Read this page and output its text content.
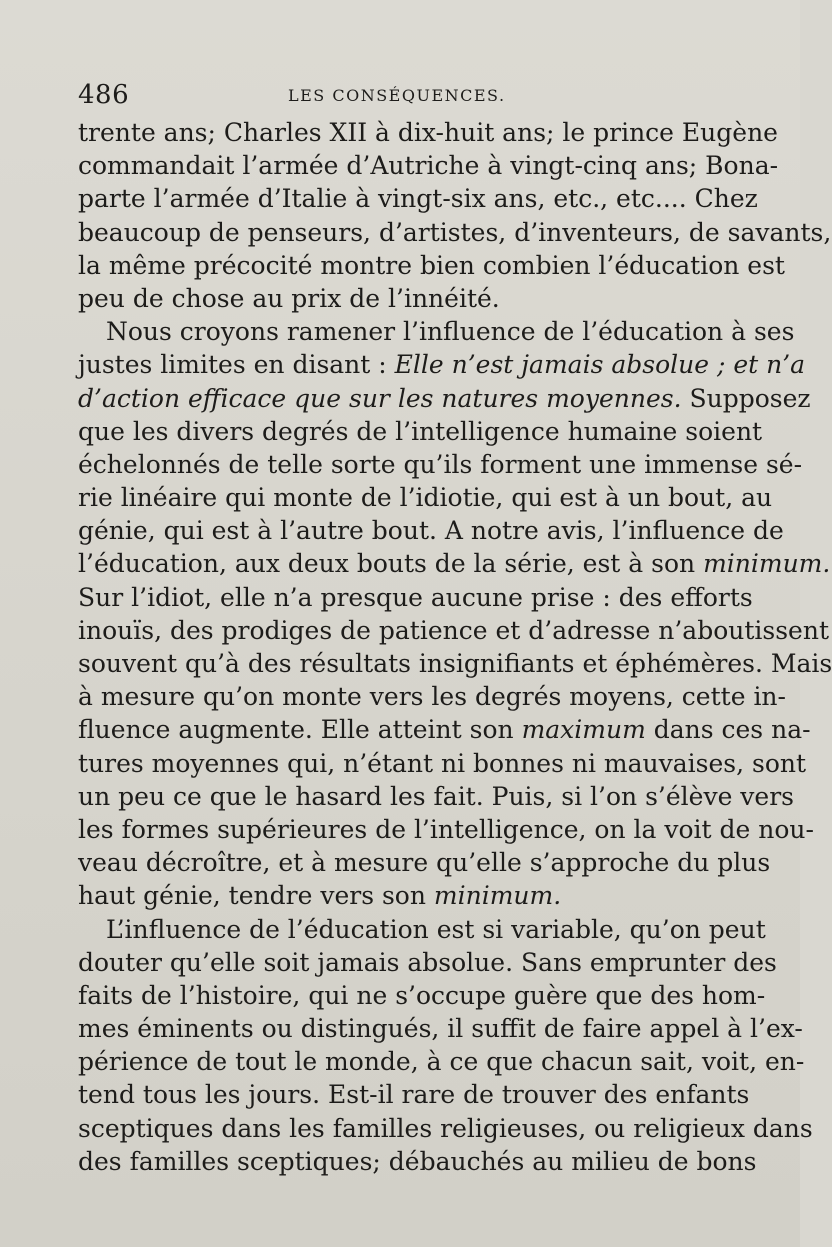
486	LES CONSÉQUENCES.
trente ans; Charles XII à dix-huit ans; le prince Eugène
commandait l’armée d’Autriche à vingt-cinq ans; Bona-
parte l’armée d’Italie à vingt-six ans, etc., etc.... Chez
beaucoup de penseurs, d’artistes, d’inventeurs, de savants,
la même précocité montre bien combien l’éducation est
peu de chose au prix de l’innéité.
Nous croyons ramener l’influence de l’éducation à ses
justes limites en disant : Elle n’est jamais absolue ; et n’a
d’action efficace que sur les natures moyennes. Supposez
que les divers degrés de l’intelligence humaine soient
échelonnés de telle sorte qu’ils forment une immense sé-
rie linéaire qui monte de l’idiotie, qui est à un bout, au
génie, qui est à l’autre bout. A notre avis, l’influence de
l’éducation, aux deux bouts de la série, est à son minimum.
Sur l’idiot, elle n’a presque aucune prise : des efforts
inouïs, des prodiges de patience et d’adresse n’aboutissent
souvent qu’à des résultats insignifiants et éphémères. Mais
à mesure qu’on monte vers les degrés moyens, cette in-
fluence augmente. Elle atteint son maximum dans ces na-
tures moyennes qui, n’étant ni bonnes ni mauvaises, sont
un peu ce que le hasard les fait. Puis, si l’on s’élève vers
les formes supérieures de l’intelligence, on la voit de nou-
veau décroître, et à mesure qu’elle s’approche du plus
haut génie, tendre vers son minimum.
L’influence de l’éducation est si variable, qu’on peut
douter qu’elle soit jamais absolue. Sans emprunter des
faits de l’histoire, qui ne s’occupe guère que des hom-
mes éminents ou distingués, il suffit de faire appel à l’ex-
périence de tout le monde, à ce que chacun sait, voit, en-
tend tous les jours. Est-il rare de trouver des enfants
sceptiques dans les familles religieuses, ou religieux dans
des familles sceptiques; débauchés au milieu de bons
